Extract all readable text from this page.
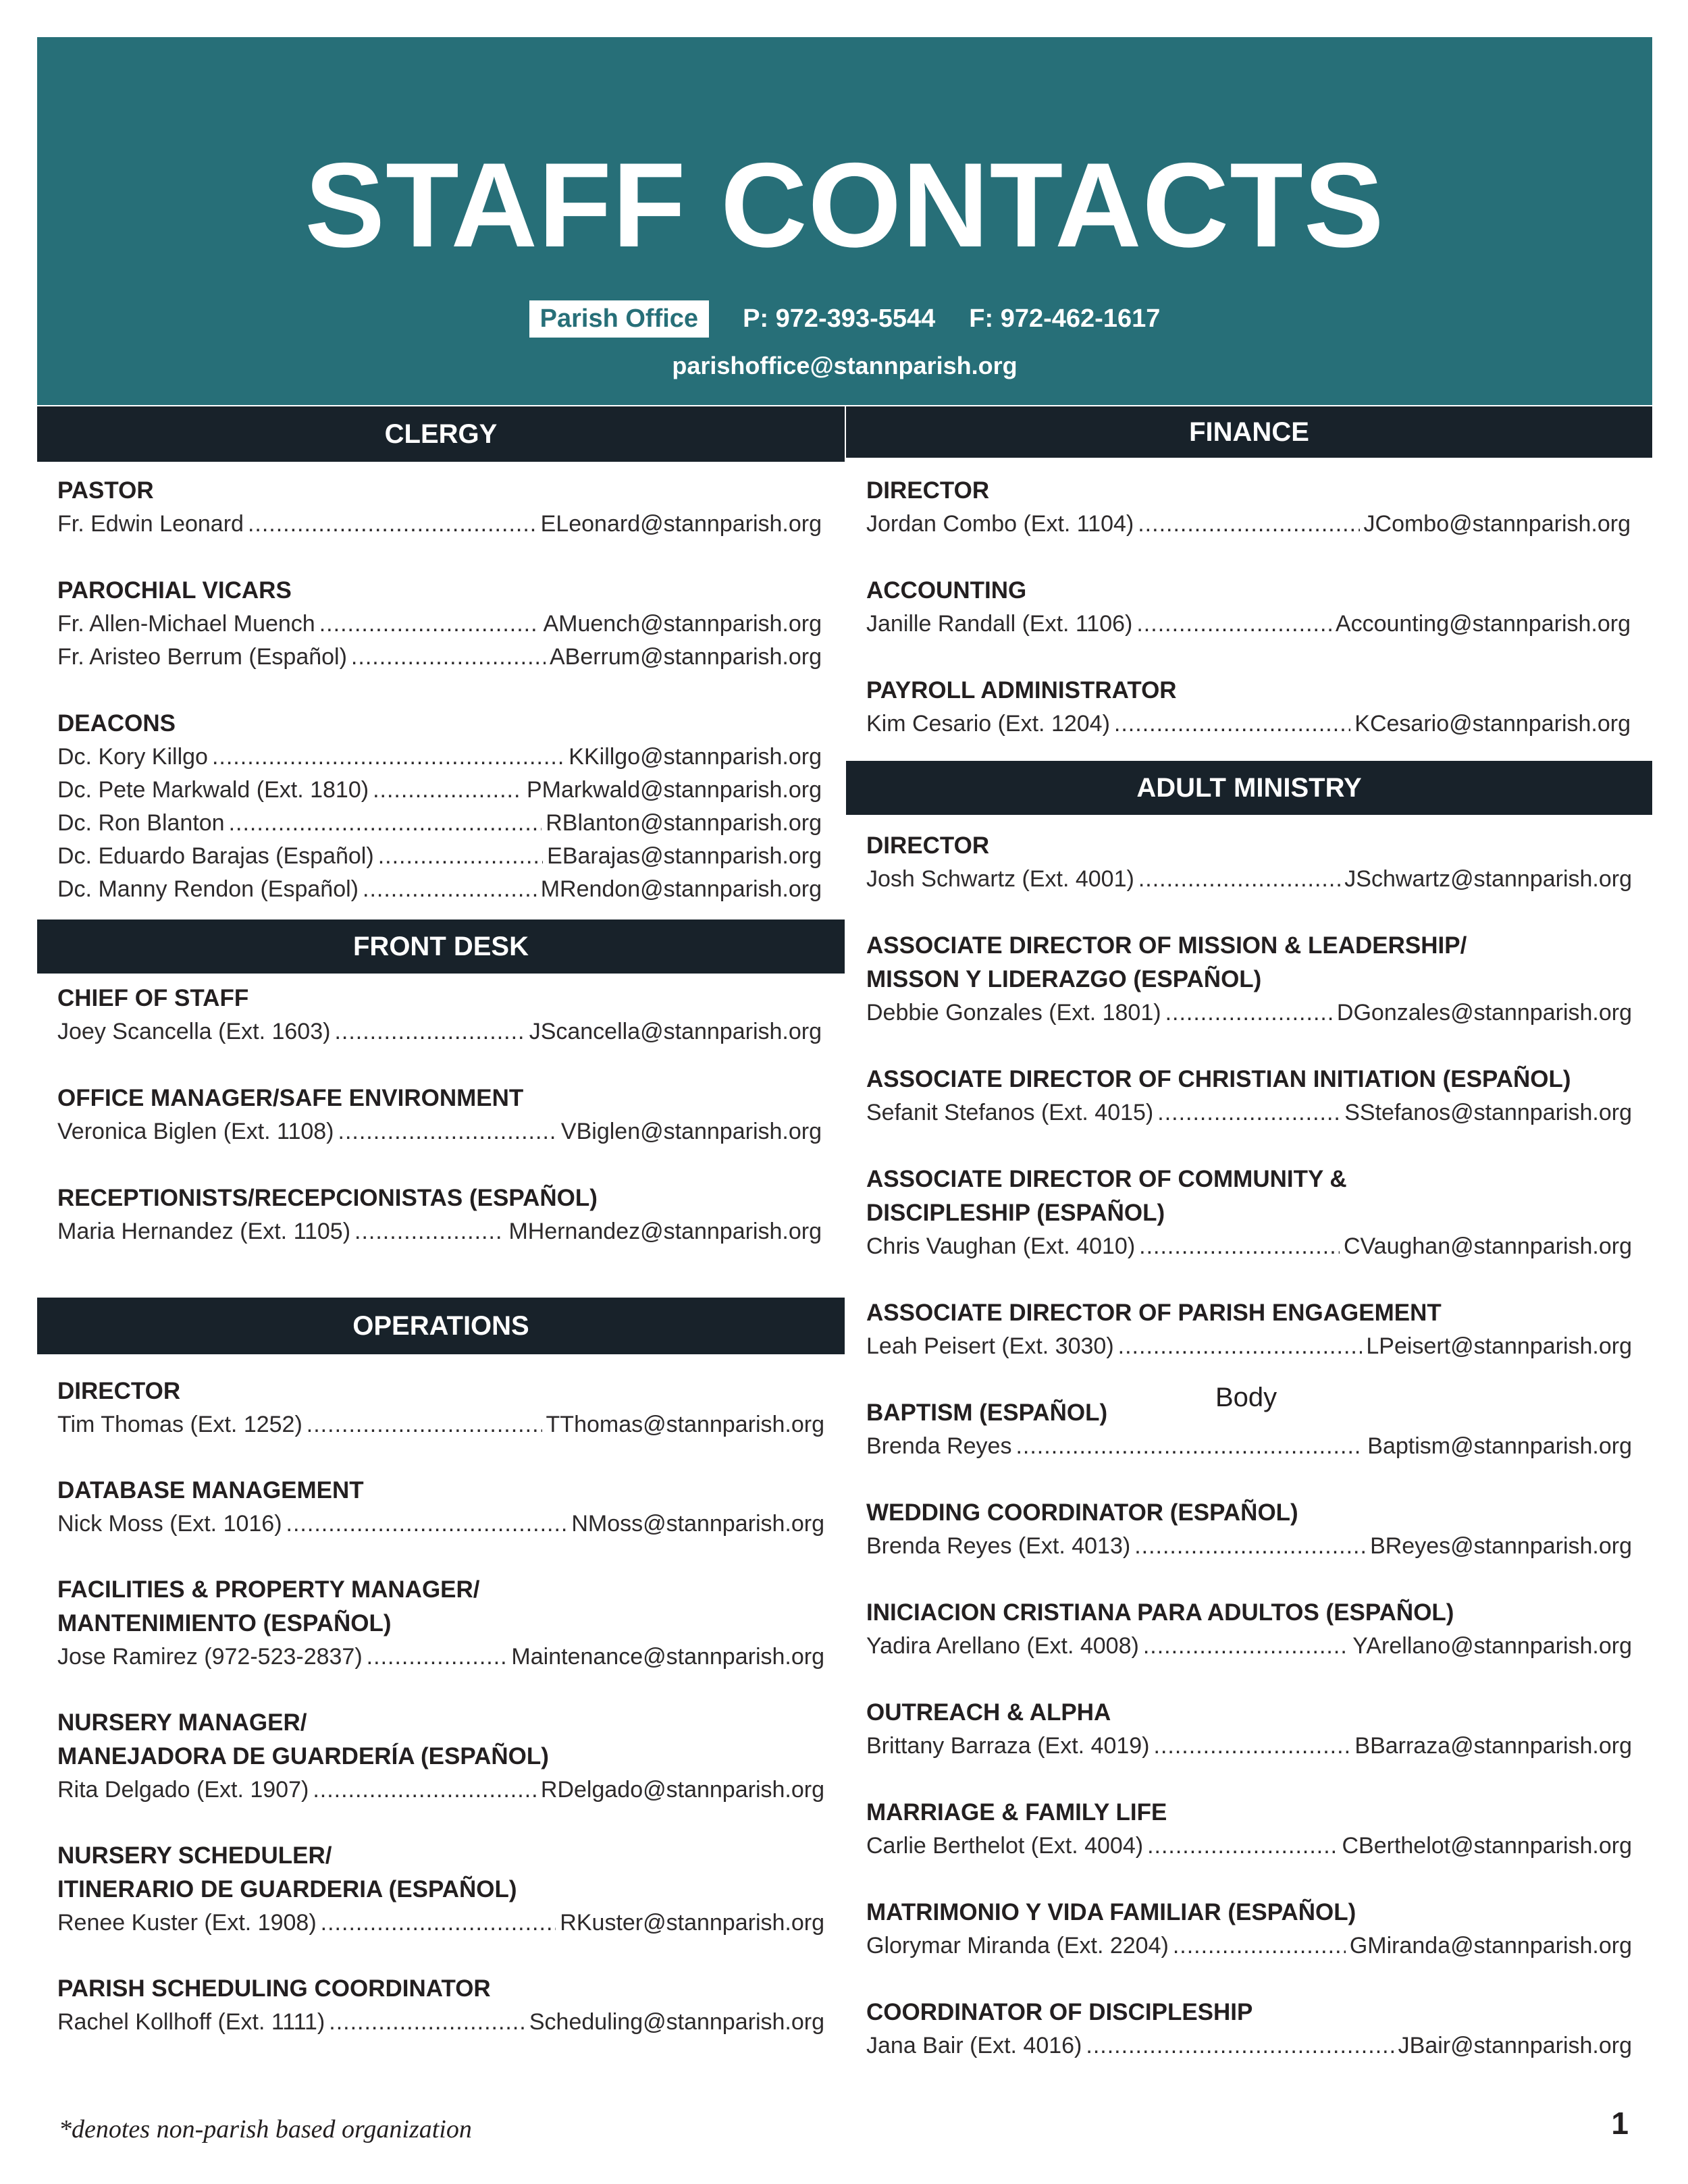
STAFF CONTACTS
Parish Office	P: 972-393-5544 F: 972-462-1617
parishoffice@stannparish.org
CLERGY	FINANCE
FRONT DESK
OPERATIONS
ADULT MINISTRY
PASTOR
Fr. Edwin Leonard .....	ELeonard@stannparish.org
PAROCHIAL VICARS
Fr. Allen-Michael Muench .....	AMuench@stannparish.org
Fr. Aristeo Berrum (Español) .....	ABerrum@stannparish.org
DEACONS
Dc. Kory Killgo .....	KKillgo@stannparish.org
Dc. Pete Markwald (Ext. 1810) .....	PMarkwald@stannparish.org
Dc. Ron Blanton .....	RBlanton@stannparish.org
Dc. Eduardo Barajas (Español) .....	EBarajas@stannparish.org
Dc. Manny Rendon (Español) .....	MRendon@stannparish.org
CHIEF OF STAFF
Joey Scancella (Ext. 1603) .....	JScancella@stannparish.org
OFFICE MANAGER/SAFE ENVIRONMENT
Veronica Biglen (Ext. 1108) .....	VBiglen@stannparish.org
RECEPTIONISTS/RECEPCIONISTAS (ESPAÑOL)
Maria Hernandez (Ext. 1105) .....	MHernandez@stannparish.org
DIRECTOR
Tim Thomas (Ext. 1252) .....	TThomas@stannparish.org
DATABASE MANAGEMENT
Nick Moss (Ext. 1016) .....	NMoss@stannparish.org
FACILITIES & PROPERTY MANAGER/
MANTENIMIENTO (ESPAÑOL)
Jose Ramirez (972-523-2837) .....	Maintenance@stannparish.org
NURSERY MANAGER/
MANEJADORA DE GUARDERÍA (ESPAÑOL)
Rita Delgado (Ext. 1907) .....	RDelgado@stannparish.org
NURSERY SCHEDULER/
ITINERARIO DE GUARDERIA (ESPAÑOL)
Renee Kuster (Ext. 1908) .....	RKuster@stannparish.org
PARISH SCHEDULING COORDINATOR
Rachel Kollhoff (Ext. 1111) .....	Scheduling@stannparish.org
DIRECTOR
Jordan Combo (Ext. 1104) .....	JCombo@stannparish.org
ACCOUNTING
Janille Randall (Ext. 1106) .....	Accounting@stannparish.org
PAYROLL ADMINISTRATOR
Kim Cesario (Ext. 1204) .....	KCesario@stannparish.org
DIRECTOR
Josh Schwartz (Ext. 4001) .....	JSchwartz@stannparish.org
ASSOCIATE DIRECTOR OF MISSION & LEADERSHIP/
MISSON Y LIDERAZGO (ESPAÑOL)
Debbie Gonzales (Ext. 1801) .....	DGonzales@stannparish.org
ASSOCIATE DIRECTOR OF CHRISTIAN INITIATION (ESPAÑOL)
Sefanit Stefanos (Ext. 4015) .....	SStefanos@stannparish.org
ASSOCIATE DIRECTOR OF COMMUNITY &
DISCIPLESHIP (ESPAÑOL)
Chris Vaughan (Ext. 4010) .....	CVaughan@stannparish.org
ASSOCIATE DIRECTOR OF PARISH ENGAGEMENT
Leah Peisert (Ext. 3030) .....	LPeisert@stannparish.org
BAPTISM (ESPAÑOL)
Brenda Reyes .....	Baptism@stannparish.org
WEDDING COORDINATOR (ESPAÑOL)
Brenda Reyes (Ext. 4013) .....	BReyes@stannparish.org
INICIACION CRISTIANA PARA ADULTOS (ESPAÑOL)
Yadira Arellano (Ext. 4008) .....	YArellano@stannparish.org
OUTREACH & ALPHA
Brittany Barraza (Ext. 4019) .....	BBarraza@stannparish.org
MARRIAGE & FAMILY LIFE
Carlie Berthelot (Ext. 4004) .....	CBerthelot@stannparish.org
MATRIMONIO Y VIDA FAMILIAR (ESPAÑOL)
Glorymar Miranda (Ext. 2204) .....	GMiranda@stannparish.org
COORDINATOR OF DISCIPLESHIP
Jana Bair (Ext. 4016) .....	JBair@stannparish.org
Body
*denotes non-parish based organization	1
